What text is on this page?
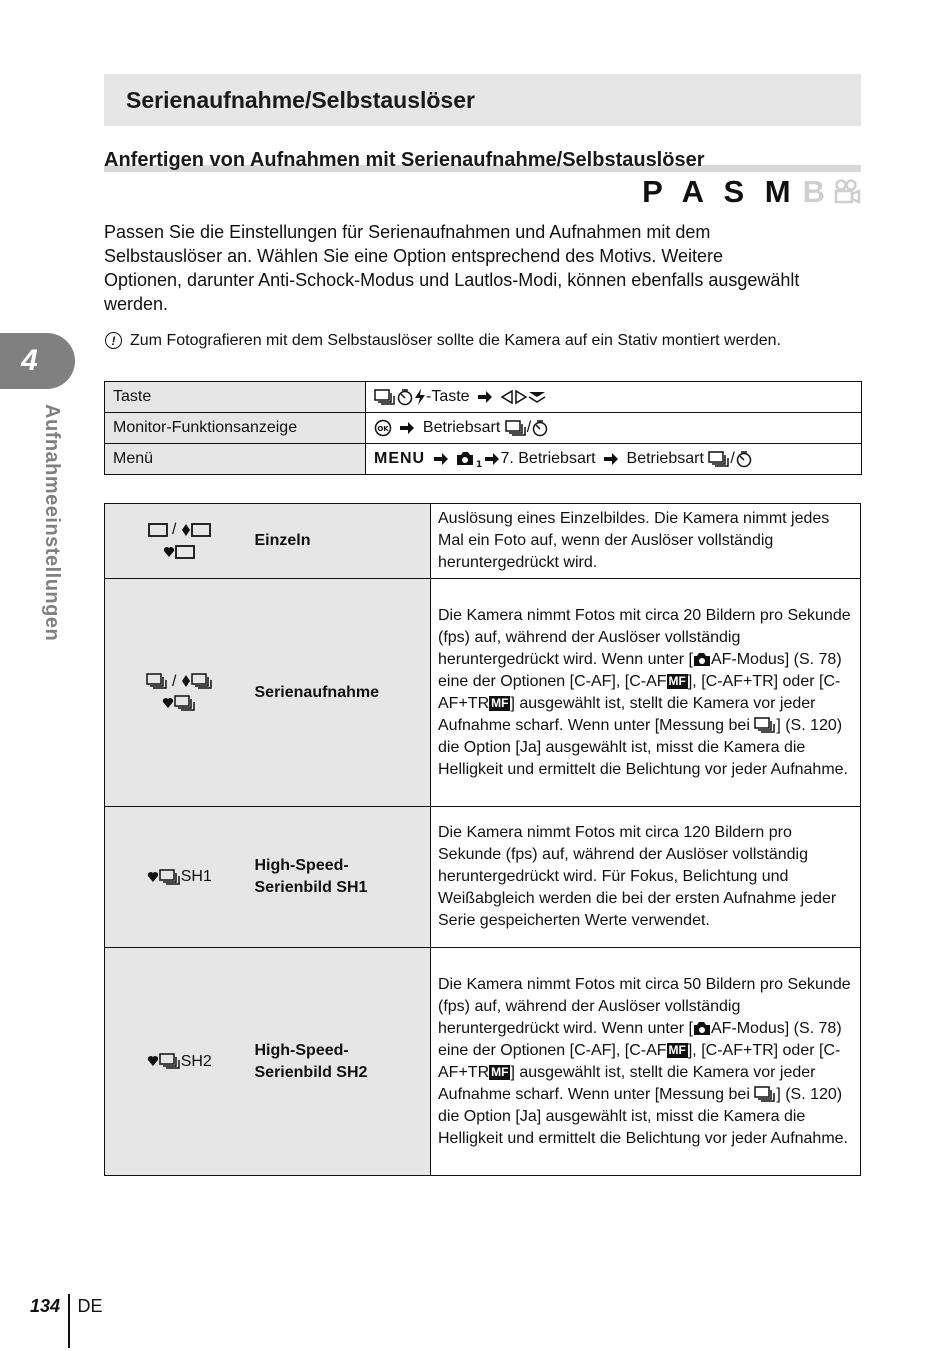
Serienaufnahme/Selbstauslöser
Anfertigen von Aufnahmen mit Serienaufnahme/Selbstauslöser
P A S M B
Passen Sie die Einstellungen für Serienaufnahmen und Aufnahmen mit dem Selbstauslöser an. Wählen Sie eine Option entsprechend des Motivs. Weitere Optionen, darunter Anti-Schock-Modus und Lautlos-Modi, können ebenfalls ausgewählt werden.
! Zum Fotografieren mit dem Selbstauslöser sollte die Kamera auf ein Stativ montiert werden.
Taste	-Taste
Monitor-Funktionsanzeige	OK Betriebsart /
Menü	MENU 1 7. Betriebsart Betriebsart /
/	Einzeln	Auslösung eines Einzelbildes. Die Kamera nimmt jedes Mal ein Foto auf, wenn der Auslöser vollständig heruntergedrückt wird.
/	Serienaufnahme	Die Kamera nimmt Fotos mit circa 20 Bildern pro Sekunde (fps) auf, während der Auslöser vollständig heruntergedrückt wird. Wenn unter [ AF-Modus] (S. 78) eine der Optionen [C-AF], [C-AF MF ], [C-AF+TR] oder [C-AF+TR MF ] ausgewählt ist, stellt die Kamera vor jeder Aufnahme scharf. Wenn unter [Messung bei ] (S. 120) die Option [Ja] ausgewählt ist, misst die Kamera die Helligkeit und ermittelt die Belichtung vor jeder Aufnahme.
SH1	High-Speed-Serienbild SH1	Die Kamera nimmt Fotos mit circa 120 Bildern pro Sekunde (fps) auf, während der Auslöser vollständig heruntergedrückt wird. Für Fokus, Belichtung und Weißabgleich werden die bei der ersten Aufnahme jeder Serie gespeicherten Werte verwendet.
SH2	High-Speed-Serienbild SH2	Die Kamera nimmt Fotos mit circa 50 Bildern pro Sekunde (fps) auf, während der Auslöser vollständig heruntergedrückt wird. Wenn unter [ AF-Modus] (S. 78) eine der Optionen [C-AF], [C-AF MF ], [C-AF+TR] oder [C-AF+TR MF ] ausgewählt ist, stellt die Kamera vor jeder Aufnahme scharf. Wenn unter [Messung bei ] (S. 120) die Option [Ja] ausgewählt ist, misst die Kamera die Helligkeit und ermittelt die Belichtung vor jeder Aufnahme.
4
Aufnahmeeinstellungen
134 DE
